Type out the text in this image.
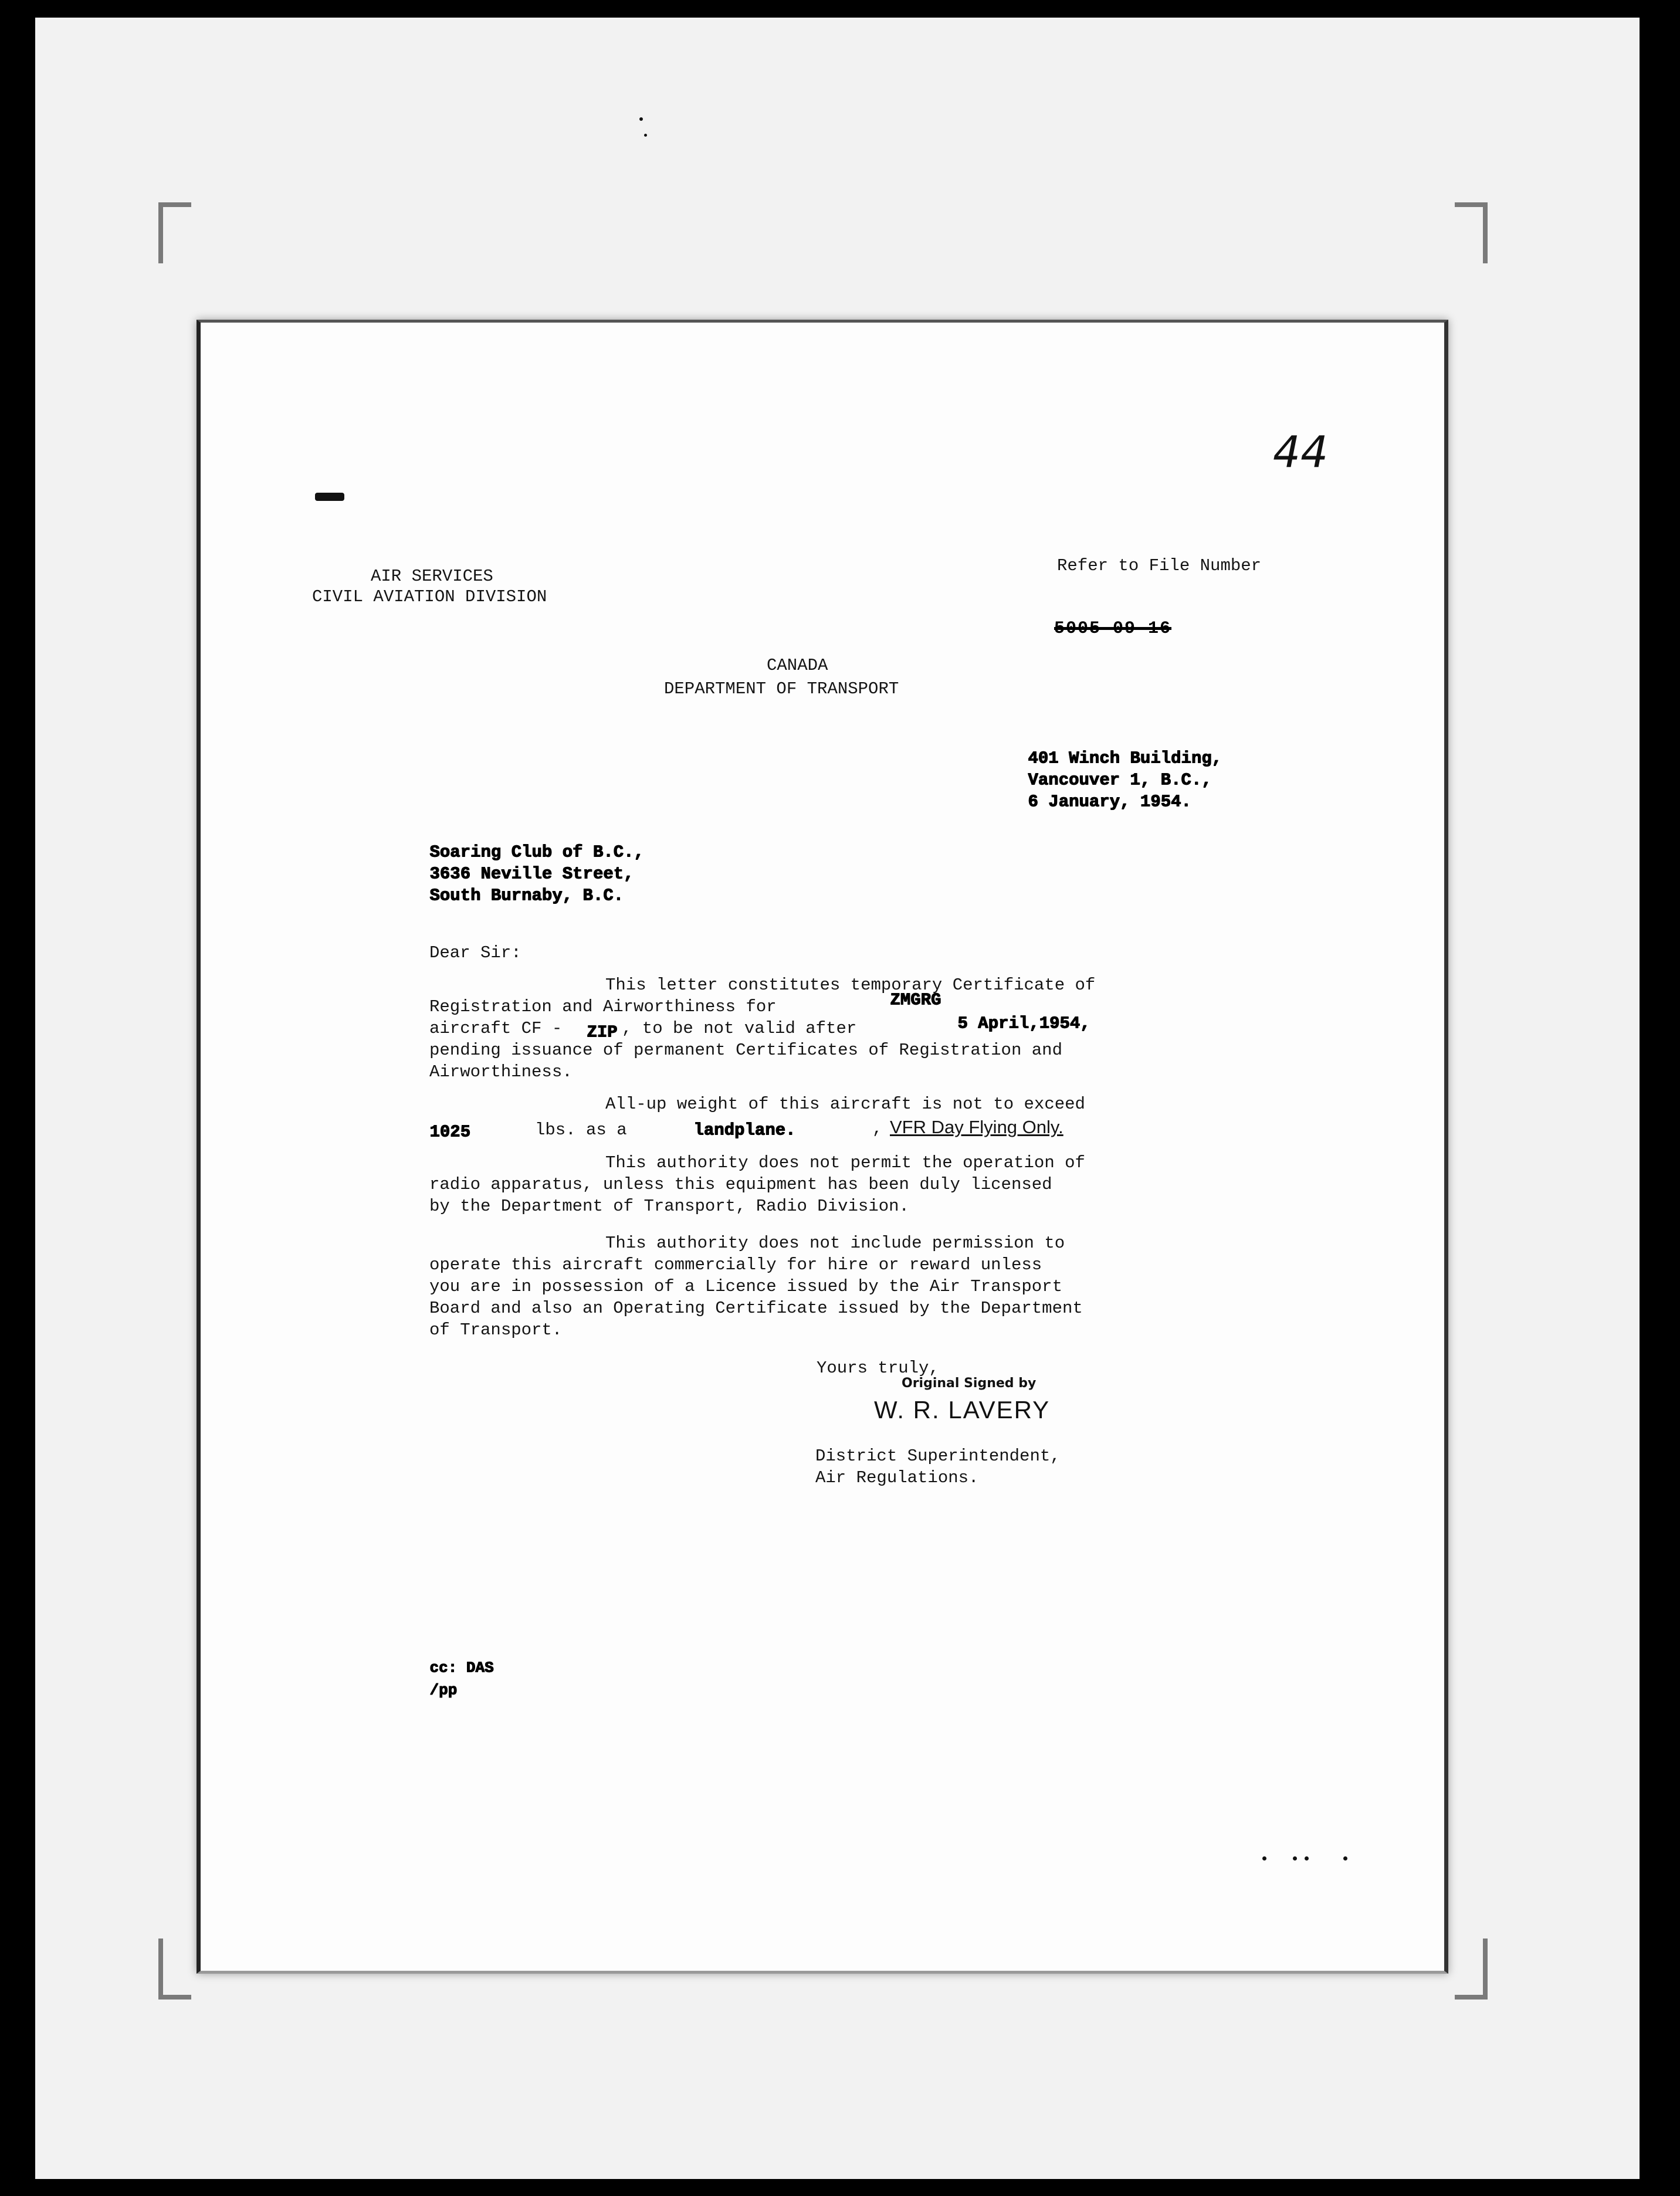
44
AIR SERVICES
CIVIL AVIATION DIVISION
Refer to File Number
5005-09-16
CANADA
DEPARTMENT OF TRANSPORT
401 Winch Building,
Vancouver 1, B.C.,
6 January, 1954.
Soaring Club of B.C.,
3636 Neville Street,
South Burnaby, B.C.
Dear Sir:
This letter constitutes temporary Certificate of
Registration and Airworthiness for	ZMGRG
aircraft CF - ZIP , to be not valid after	5 April,1954,
pending issuance of permanent Certificates of Registration and
Airworthiness.
All-up weight of this aircraft is not to exceed
1025	lbs. as a	landplane.	, VFR Day Flying Only.
This authority does not permit the operation of
radio apparatus, unless this equipment has been duly licensed
by the Department of Transport, Radio Division.
This authority does not include permission to
operate this aircraft commercially for hire or reward unless
you are in possession of a Licence issued by the Air Transport
Board and also an Operating Certificate issued by the Department
of Transport.
Yours truly,
Original Signed by
W. R. LAVERY
District Superintendent,
Air Regulations.
cc: DAS
/pp
